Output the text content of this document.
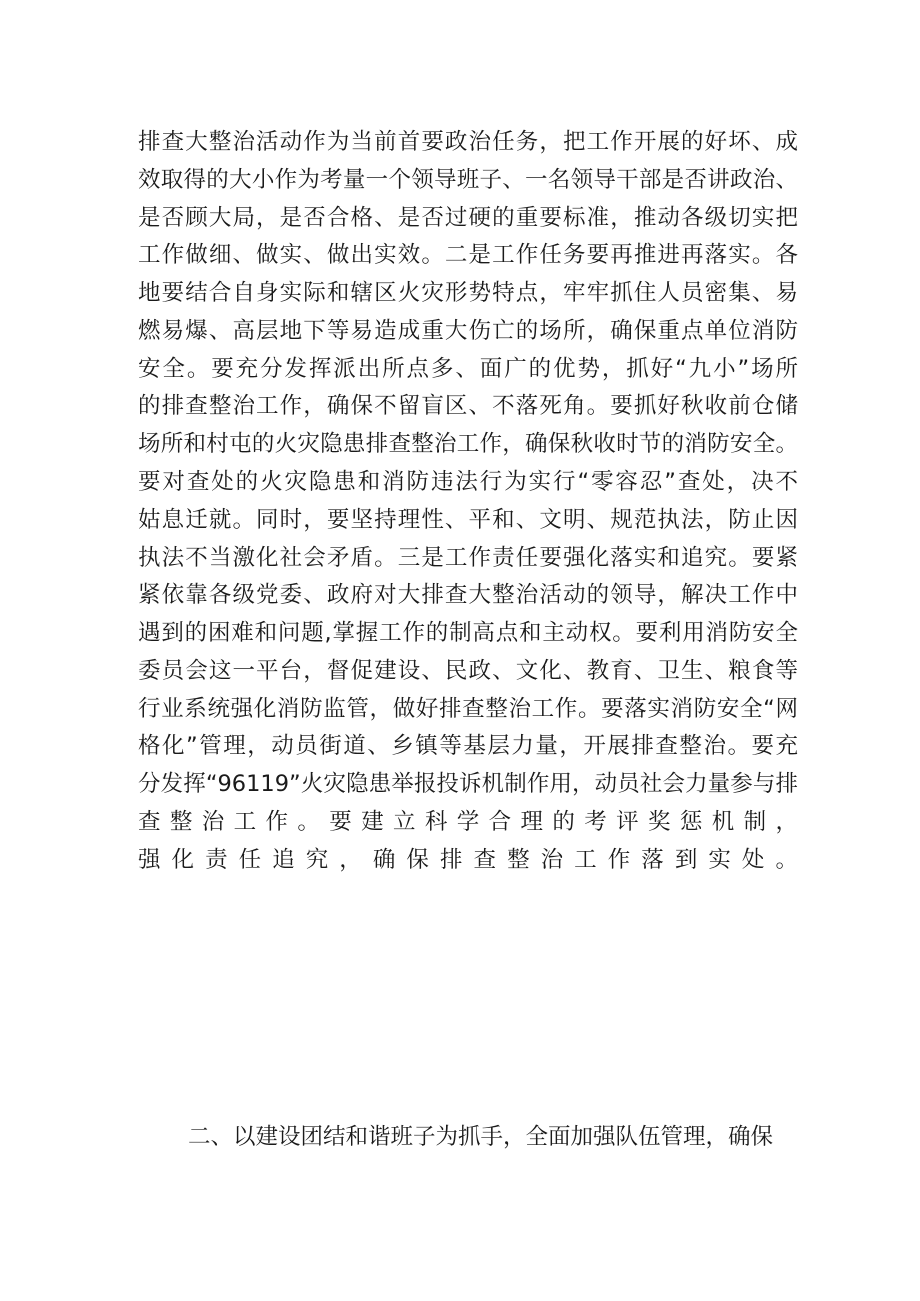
排查大整治活动作为当前首要政治任务，把工作开展的好坏、成
效取得的大小作为考量一个领导班子、一名领导干部是否讲政治、
是否顾大局，是否合格、是否过硬的重要标准，推动各级切实把
工作做细、做实、做出实效。二是工作任务要再推进再落实。各
地要结合自身实际和辖区火灾形势特点，牢牢抓住人员密集、易
燃易爆、高层地下等易造成重大伤亡的场所，确保重点单位消防
安全。要充分发挥派出所点多、面广的优势，抓好“九小”场所
的排查整治工作，确保不留盲区、不落死角。要抓好秋收前仓储
场所和村屯的火灾隐患排查整治工作，确保秋收时节的消防安全。
要对查处的火灾隐患和消防违法行为实行“零容忍”查处，决不
姑息迁就。同时，要坚持理性、平和、文明、规范执法，防止因
执法不当激化社会矛盾。三是工作责任要强化落实和追究。要紧
紧依靠各级党委、政府对大排查大整治活动的领导，解决工作中
遇到的困难和问题,掌握工作的制高点和主动权。要利用消防安全
委员会这一平台，督促建设、民政、文化、教育、卫生、粮食等
行业系统强化消防监管，做好排查整治工作。要落实消防安全“网
格化”管理，动员街道、乡镇等基层力量，开展排查整治。要充
分发挥“96119”火灾隐患举报投诉机制作用，动员社会力量参与排
查整治工作。要建立科学合理的考评奖惩机制，
强化责任追究，确保排查整治工作落到实处。
二、以建设团结和谐班子为抓手，全面加强队伍管理，确保
